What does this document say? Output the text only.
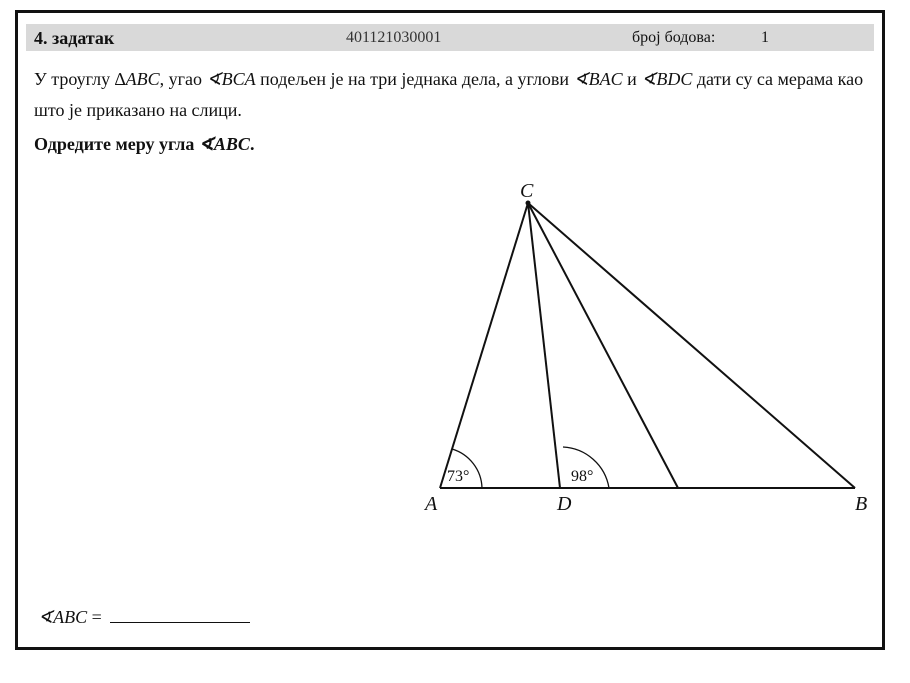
4. задатак	401121030001	број бодова:	1
У троуглу ∆ABC, угао ∢BCA подељен је на три једнака дела, а углови ∢BAC и ∢BDC дати су са мерама као што је приказано на слици.
Одредите меру угла ∢ABC.
∢ABC =
C
A	D	B
73°	98°
